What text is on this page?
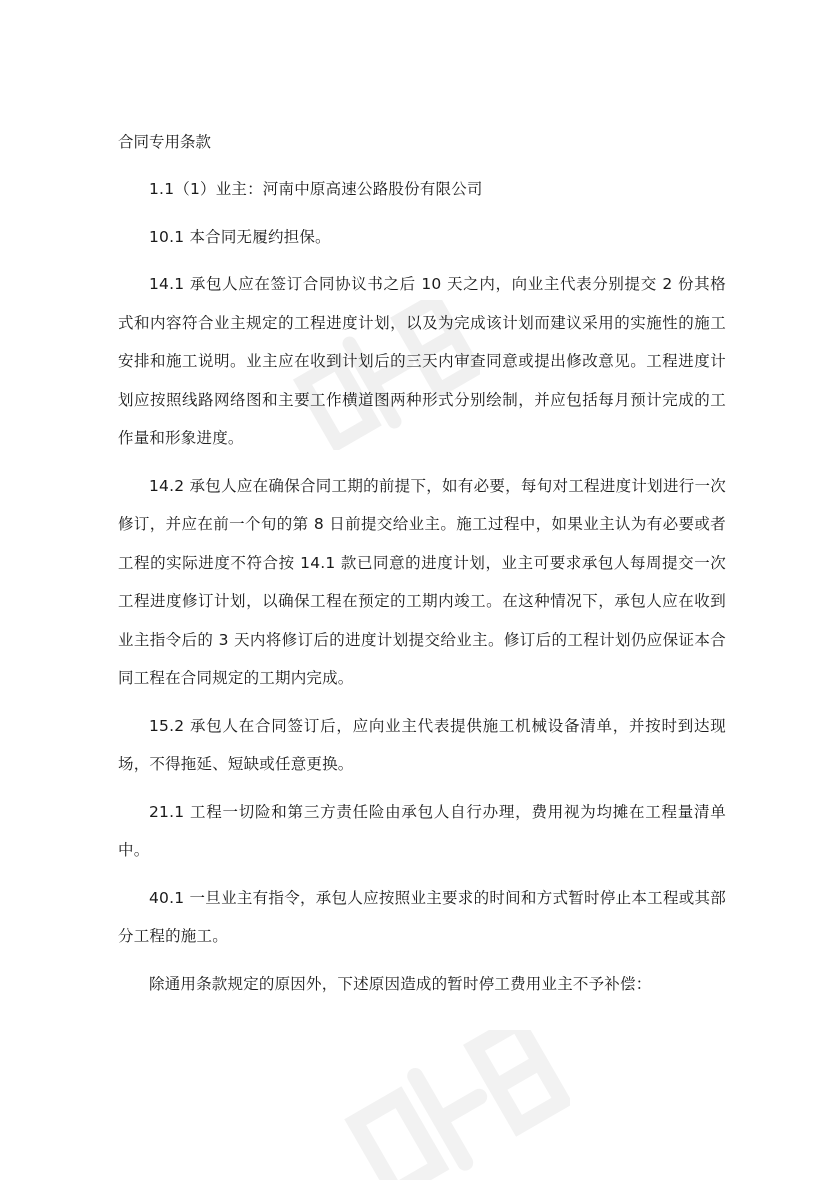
合同专用条款

1.1（1）业主：河南中原高速公路股份有限公司

10.1 本合同无履约担保。

14.1 承包人应在签订合同协议书之后 10 天之内，向业主代表分别提交 2 份其格式和内容符合业主规定的工程进度计划，以及为完成该计划而建议采用的实施性的施工安排和施工说明。业主应在收到计划后的三天内审查同意或提出修改意见。工程进度计划应按照线路网络图和主要工作横道图两种形式分别绘制，并应包括每月预计完成的工作量和形象进度。

14.2 承包人应在确保合同工期的前提下，如有必要，每旬对工程进度计划进行一次修订，并应在前一个旬的第 8 日前提交给业主。施工过程中，如果业主认为有必要或者工程的实际进度不符合按 14.1 款已同意的进度计划，业主可要求承包人每周提交一次工程进度修订计划，以确保工程在预定的工期内竣工。在这种情况下，承包人应在收到业主指令后的 3 天内将修订后的进度计划提交给业主。修订后的工程计划仍应保证本合同工程在合同规定的工期内完成。

15.2 承包人在合同签订后，应向业主代表提供施工机械设备清单，并按时到达现场，不得拖延、短缺或任意更换。

21.1 工程一切险和第三方责任险由承包人自行办理，费用视为均摊在工程量清单中。

40.1 一旦业主有指令，承包人应按照业主要求的时间和方式暂时停止本工程或其部分工程的施工。

除通用条款规定的原因外，下述原因造成的暂时停工费用业主不予补偿：
